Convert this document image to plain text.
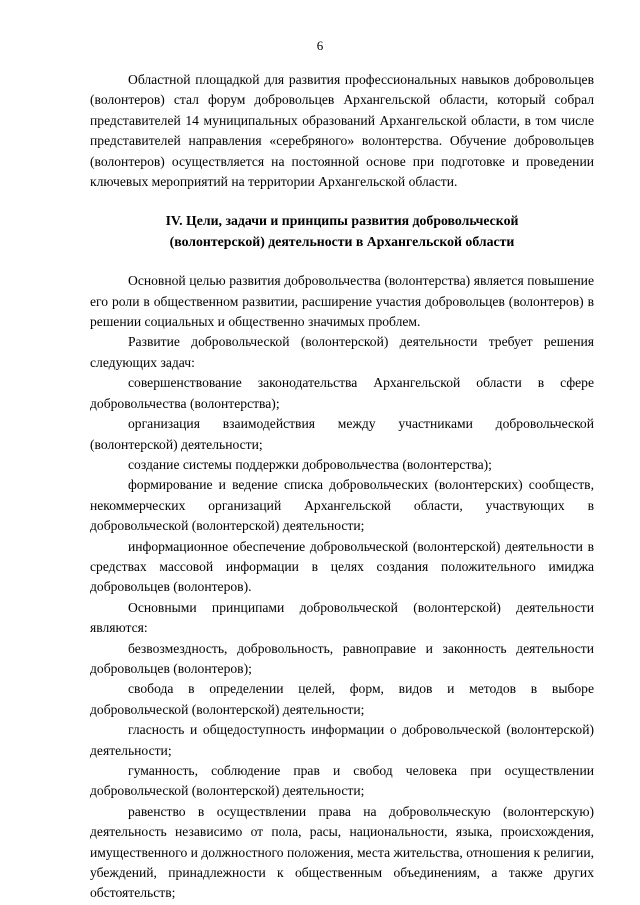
6

Областной площадкой для развития профессиональных навыков добровольцев (волонтеров) стал форум добровольцев Архангельской области, который собрал представителей 14 муниципальных образований Архангельской области, в том числе представителей направления «серебряного» волонтерства. Обучение добровольцев (волонтеров) осуществляется на постоянной основе при подготовке и проведении ключевых мероприятий на территории Архангельской области.

IV. Цели, задачи и принципы развития добровольческой
(волонтерской) деятельности в Архангельской области

Основной целью развития добровольчества (волонтерства) является повышение его роли в общественном развитии, расширение участия добровольцев (волонтеров) в решении социальных и общественно значимых проблем.

Развитие добровольческой (волонтерской) деятельности требует решения следующих задач:

совершенствование законодательства Архангельской области в сфере добровольчества (волонтерства);

организация взаимодействия между участниками добровольческой (волонтерской) деятельности;

создание системы поддержки добровольчества (волонтерства);

формирование и ведение списка добровольческих (волонтерских) сообществ, некоммерческих организаций Архангельской области, участвующих в добровольческой (волонтерской) деятельности;

информационное обеспечение добровольческой (волонтерской) деятельности в средствах массовой информации в целях создания положительного имиджа добровольцев (волонтеров).

Основными принципами добровольческой (волонтерской) деятельности являются:

безвозмездность, добровольность, равноправие и законность деятельности добровольцев (волонтеров);

свобода в определении целей, форм, видов и методов в выборе добровольческой (волонтерской) деятельности;

гласность и общедоступность информации о добровольческой (волонтерской) деятельности;

гуманность, соблюдение прав и свобод человека при осуществлении добровольческой (волонтерской) деятельности;

равенство в осуществлении права на добровольческую (волонтерскую) деятельность независимо от пола, расы, национальности, языка, происхождения, имущественного и должностного положения, места жительства, отношения к религии, убеждений, принадлежности к общественным объединениям, а также других обстоятельств;
